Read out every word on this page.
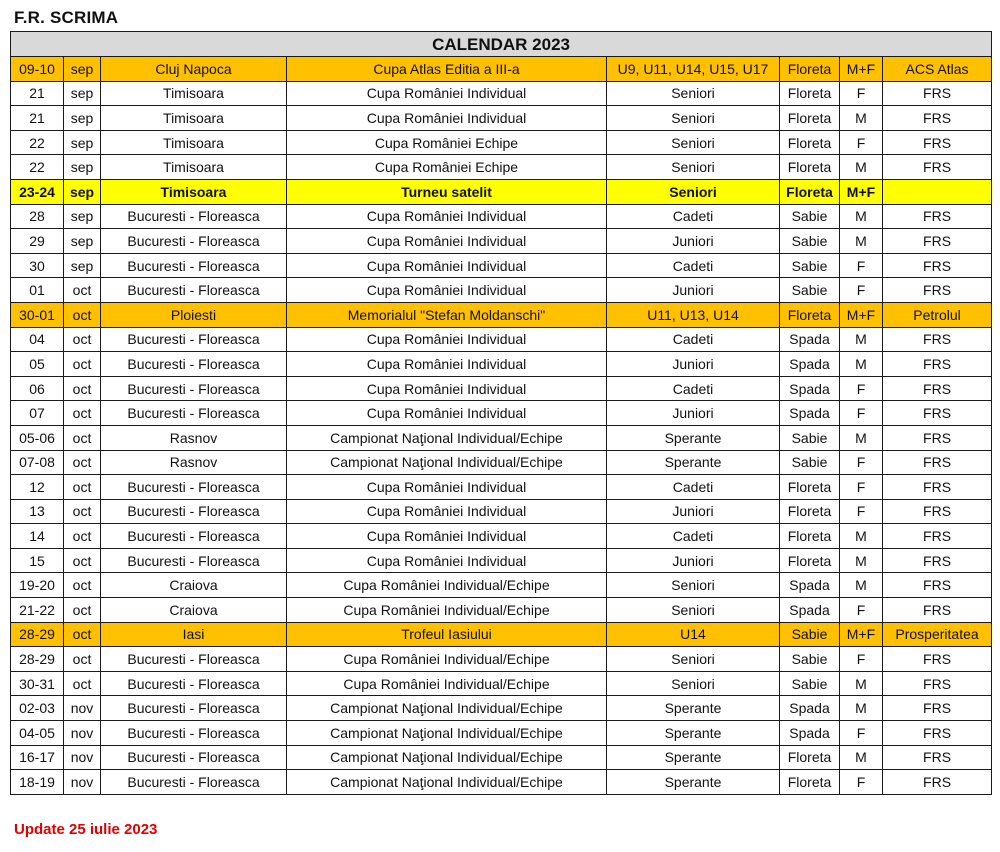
F.R. SCRIMA
CALENDAR 2023							
09-10	sep	Cluj Napoca	Cupa Atlas Editia a III-a	U9, U11, U14, U15, U17	Floreta	M+F	ACS Atlas
21	sep	Timisoara	Cupa României Individual	Seniori	Floreta	F	FRS
21	sep	Timisoara	Cupa României Individual	Seniori	Floreta	M	FRS
22	sep	Timisoara	Cupa României Echipe	Seniori	Floreta	F	FRS
22	sep	Timisoara	Cupa României Echipe	Seniori	Floreta	M	FRS
23-24	sep	Timisoara	Turneu satelit	Seniori	Floreta	M+F	
28	sep	Bucuresti - Floreasca	Cupa României Individual	Cadeti	Sabie	M	FRS
29	sep	Bucuresti - Floreasca	Cupa României Individual	Juniori	Sabie	M	FRS
30	sep	Bucuresti - Floreasca	Cupa României Individual	Cadeti	Sabie	F	FRS
01	oct	Bucuresti - Floreasca	Cupa României Individual	Juniori	Sabie	F	FRS
30-01	oct	Ploiesti	Memorialul "Stefan Moldanschi"	U11, U13, U14	Floreta	M+F	Petrolul
04	oct	Bucuresti - Floreasca	Cupa României Individual	Cadeti	Spada	M	FRS
05	oct	Bucuresti - Floreasca	Cupa României Individual	Juniori	Spada	M	FRS
06	oct	Bucuresti - Floreasca	Cupa României Individual	Cadeti	Spada	F	FRS
07	oct	Bucuresti - Floreasca	Cupa României Individual	Juniori	Spada	F	FRS
05-06	oct	Rasnov	Campionat Naţional Individual/Echipe	Sperante	Sabie	M	FRS
07-08	oct	Rasnov	Campionat Naţional Individual/Echipe	Sperante	Sabie	F	FRS
12	oct	Bucuresti - Floreasca	Cupa României Individual	Cadeti	Floreta	F	FRS
13	oct	Bucuresti - Floreasca	Cupa României Individual	Juniori	Floreta	F	FRS
14	oct	Bucuresti - Floreasca	Cupa României Individual	Cadeti	Floreta	M	FRS
15	oct	Bucuresti - Floreasca	Cupa României Individual	Juniori	Floreta	M	FRS
19-20	oct	Craiova	Cupa României Individual/Echipe	Seniori	Spada	M	FRS
21-22	oct	Craiova	Cupa României Individual/Echipe	Seniori	Spada	F	FRS
28-29	oct	Iasi	Trofeul Iasiului	U14	Sabie	M+F	Prosperitatea
28-29	oct	Bucuresti - Floreasca	Cupa României Individual/Echipe	Seniori	Sabie	F	FRS
30-31	oct	Bucuresti - Floreasca	Cupa României Individual/Echipe	Seniori	Sabie	M	FRS
02-03	nov	Bucuresti - Floreasca	Campionat Naţional Individual/Echipe	Sperante	Spada	M	FRS
04-05	nov	Bucuresti - Floreasca	Campionat Naţional Individual/Echipe	Sperante	Spada	F	FRS
16-17	nov	Bucuresti - Floreasca	Campionat Naţional Individual/Echipe	Sperante	Floreta	M	FRS
18-19	nov	Bucuresti - Floreasca	Campionat Naţional Individual/Echipe	Sperante	Floreta	F	FRS
Update 25 iulie 2023
